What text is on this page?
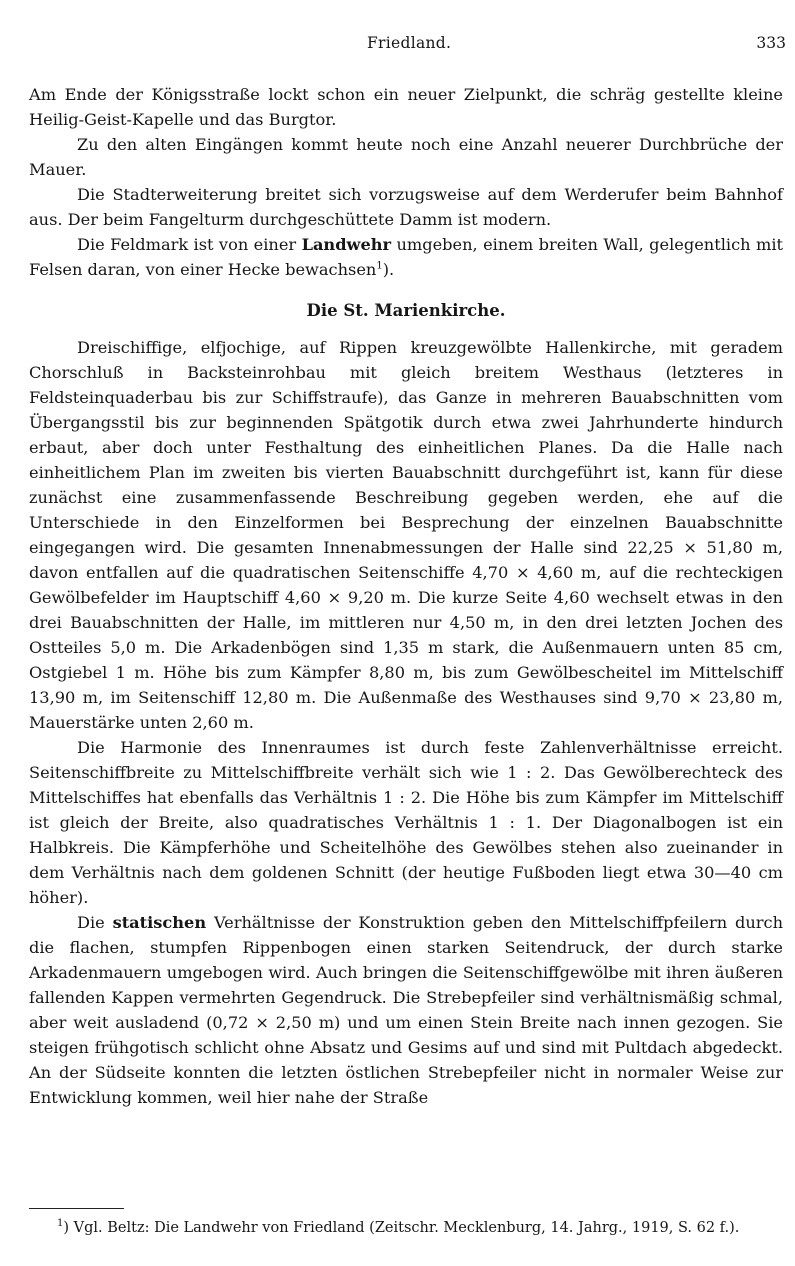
Friedland.	333

Am Ende der Königsstraße lockt schon ein neuer Zielpunkt, die schräg gestellte kleine Heilig-Geist-Kapelle und das Burgtor.

Zu den alten Eingängen kommt heute noch eine Anzahl neuerer Durchbrüche der Mauer.

Die Stadterweiterung breitet sich vorzugsweise auf dem Werderufer beim Bahnhof aus. Der beim Fangelturm durchgeschüttete Damm ist modern.

Die Feldmark ist von einer Landwehr umgeben, einem breiten Wall, gelegentlich mit Felsen daran, von einer Hecke bewachsen$^1$).

Die St. Marienkirche.

Dreischiffige, elfjochige, auf Rippen kreuzgewölbte Hallenkirche, mit geradem Chorschluß in Backsteinrohbau mit gleich breitem Westhaus (letzteres in Feldsteinquaderbau bis zur Schiffstraufe), das Ganze in mehreren Bauabschnitten vom Übergangsstil bis zur beginnenden Spätgotik durch etwa zwei Jahrhunderte hindurch erbaut, aber doch unter Festhaltung des einheitlichen Planes. Da die Halle nach einheitlichem Plan im zweiten bis vierten Bauabschnitt durchgeführt ist, kann für diese zunächst eine zusammenfassende Beschreibung gegeben werden, ehe auf die Unterschiede in den Einzelformen bei Besprechung der einzelnen Bauabschnitte eingegangen wird. Die gesamten Innenabmessungen der Halle sind 22,25 × 51,80 m, davon entfallen auf die quadratischen Seitenschiffe 4,70 × 4,60 m, auf die rechteckigen Gewölbefelder im Hauptschiff 4,60 × 9,20 m. Die kurze Seite 4,60 wechselt etwas in den drei Bauabschnitten der Halle, im mittleren nur 4,50 m, in den drei letzten Jochen des Ostteiles 5,0 m. Die Arkadenbögen sind 1,35 m stark, die Außenmauern unten 85 cm, Ostgiebel 1 m. Höhe bis zum Kämpfer 8,80 m, bis zum Gewölbescheitel im Mittelschiff 13,90 m, im Seitenschiff 12,80 m. Die Außenmaße des Westhauses sind 9,70 × 23,80 m, Mauerstärke unten 2,60 m.

Die Harmonie des Innenraumes ist durch feste Zahlenverhältnisse erreicht. Seitenschiffbreite zu Mittelschiffbreite verhält sich wie 1 : 2. Das Gewölberechteck des Mittelschiffes hat ebenfalls das Verhältnis 1 : 2. Die Höhe bis zum Kämpfer im Mittelschiff ist gleich der Breite, also quadratisches Verhältnis 1 : 1. Der Diagonalbogen ist ein Halbkreis. Die Kämpferhöhe und Scheitelhöhe des Gewölbes stehen also zueinander in dem Verhältnis nach dem goldenen Schnitt (der heutige Fußboden liegt etwa 30—40 cm höher).

Die statischen Verhältnisse der Konstruktion geben den Mittelschiffpfeilern durch die flachen, stumpfen Rippenbogen einen starken Seitendruck, der durch starke Arkadenmauern umgebogen wird. Auch bringen die Seitenschiffgewölbe mit ihren äußeren fallenden Kappen vermehrten Gegendruck. Die Strebepfeiler sind verhältnismäßig schmal, aber weit ausladend (0,72 × 2,50 m) und um einen Stein Breite nach innen gezogen. Sie steigen frühgotisch schlicht ohne Absatz und Gesims auf und sind mit Pultdach abgedeckt. An der Südseite konnten die letzten östlichen Strebepfeiler nicht in normaler Weise zur Entwicklung kommen, weil hier nahe der Straße

$^1$) Vgl. Beltz: Die Landwehr von Friedland (Zeitschr. Mecklenburg, 14. Jahrg., 1919, S. 62 f.).
